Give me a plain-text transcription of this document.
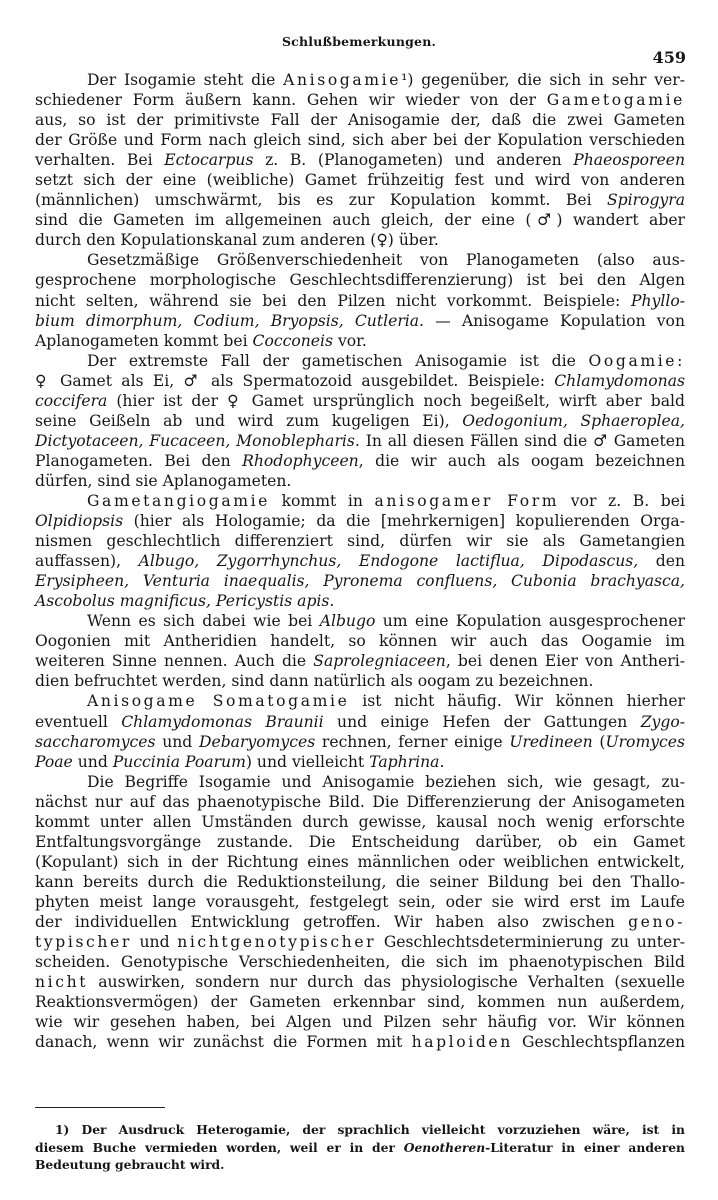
Schlußbemerkungen.
459
Der Isogamie steht die Anisogamie¹) gegenüber, die sich in sehr ver-
schiedener Form äußern kann. Gehen wir wieder von der Gametogamie
aus, so ist der primitivste Fall der Anisogamie der, daß die zwei Gameten
der Größe und Form nach gleich sind, sich aber bei der Kopulation verschieden
verhalten. Bei Ectocarpus z. B. (Planogameten) und anderen Phaeosporeen
setzt sich der eine (weibliche) Gamet frühzeitig fest und wird von anderen
(männlichen) umschwärmt, bis es zur Kopulation kommt. Bei Spirogyra
sind die Gameten im allgemeinen auch gleich, der eine (♂) wandert aber
durch den Kopulationskanal zum anderen (♀) über.
Gesetzmäßige Größenverschiedenheit von Planogameten (also aus-
gesprochene morphologische Geschlechtsdifferenzierung) ist bei den Algen
nicht selten, während sie bei den Pilzen nicht vorkommt. Beispiele: Phyllo-
bium dimorphum, Codium, Bryopsis, Cutleria. — Anisogame Kopulation von
Aplanogameten kommt bei Cocconeis vor.
Der extremste Fall der gametischen Anisogamie ist die Oogamie:
♀ Gamet als Ei, ♂ als Spermatozoid ausgebildet. Beispiele: Chlamydomonas
coccifera (hier ist der ♀ Gamet ursprünglich noch begeißelt, wirft aber bald
seine Geißeln ab und wird zum kugeligen Ei), Oedogonium, Sphaeroplea,
Dictyotaceen, Fucaceen, Monoblepharis. In all diesen Fällen sind die ♂ Gameten
Planogameten. Bei den Rhodophyceen, die wir auch als oogam bezeichnen
dürfen, sind sie Aplanogameten.
Gametangiogamie kommt in anisogamer Form vor z. B. bei
Olpidiopsis (hier als Hologamie; da die [mehrkernigen] kopulierenden Orga-
nismen geschlechtlich differenziert sind, dürfen wir sie als Gametangien
auffassen), Albugo, Zygorrhynchus, Endogone lactiflua, Dipodascus, den
Erysipheen, Venturia inaequalis, Pyronema confluens, Cubonia brachyasca,
Ascobolus magnificus, Pericystis apis.
Wenn es sich dabei wie bei Albugo um eine Kopulation ausgesprochener
Oogonien mit Antheridien handelt, so können wir auch das Oogamie im
weiteren Sinne nennen. Auch die Saprolegniaceen, bei denen Eier von Antheri-
dien befruchtet werden, sind dann natürlich als oogam zu bezeichnen.
Anisogame Somatogamie ist nicht häufig. Wir können hierher
eventuell Chlamydomonas Braunii und einige Hefen der Gattungen Zygo-
saccharomyces und Debaryomyces rechnen, ferner einige Uredineen (Uromyces
Poae und Puccinia Poarum) und vielleicht Taphrina.
Die Begriffe Isogamie und Anisogamie beziehen sich, wie gesagt, zu-
nächst nur auf das phaenotypische Bild. Die Differenzierung der Anisogameten
kommt unter allen Umständen durch gewisse, kausal noch wenig erforschte
Entfaltungsvorgänge zustande. Die Entscheidung darüber, ob ein Gamet
(Kopulant) sich in der Richtung eines männlichen oder weiblichen entwickelt,
kann bereits durch die Reduktionsteilung, die seiner Bildung bei den Thallo-
phyten meist lange vorausgeht, festgelegt sein, oder sie wird erst im Laufe
der individuellen Entwicklung getroffen. Wir haben also zwischen geno-
typischer und nichtgenotypischer Geschlechtsdeterminierung zu unter-
scheiden. Genotypische Verschiedenheiten, die sich im phaenotypischen Bild
nicht auswirken, sondern nur durch das physiologische Verhalten (sexuelle
Reaktionsvermögen) der Gameten erkennbar sind, kommen nun außerdem,
wie wir gesehen haben, bei Algen und Pilzen sehr häufig vor. Wir können
danach, wenn wir zunächst die Formen mit haploiden Geschlechtspflanzen
1) Der Ausdruck Heterogamie, der sprachlich vielleicht vorzuziehen wäre, ist in
diesem Buche vermieden worden, weil er in der Oenotheren-Literatur in einer anderen
Bedeutung gebraucht wird.
